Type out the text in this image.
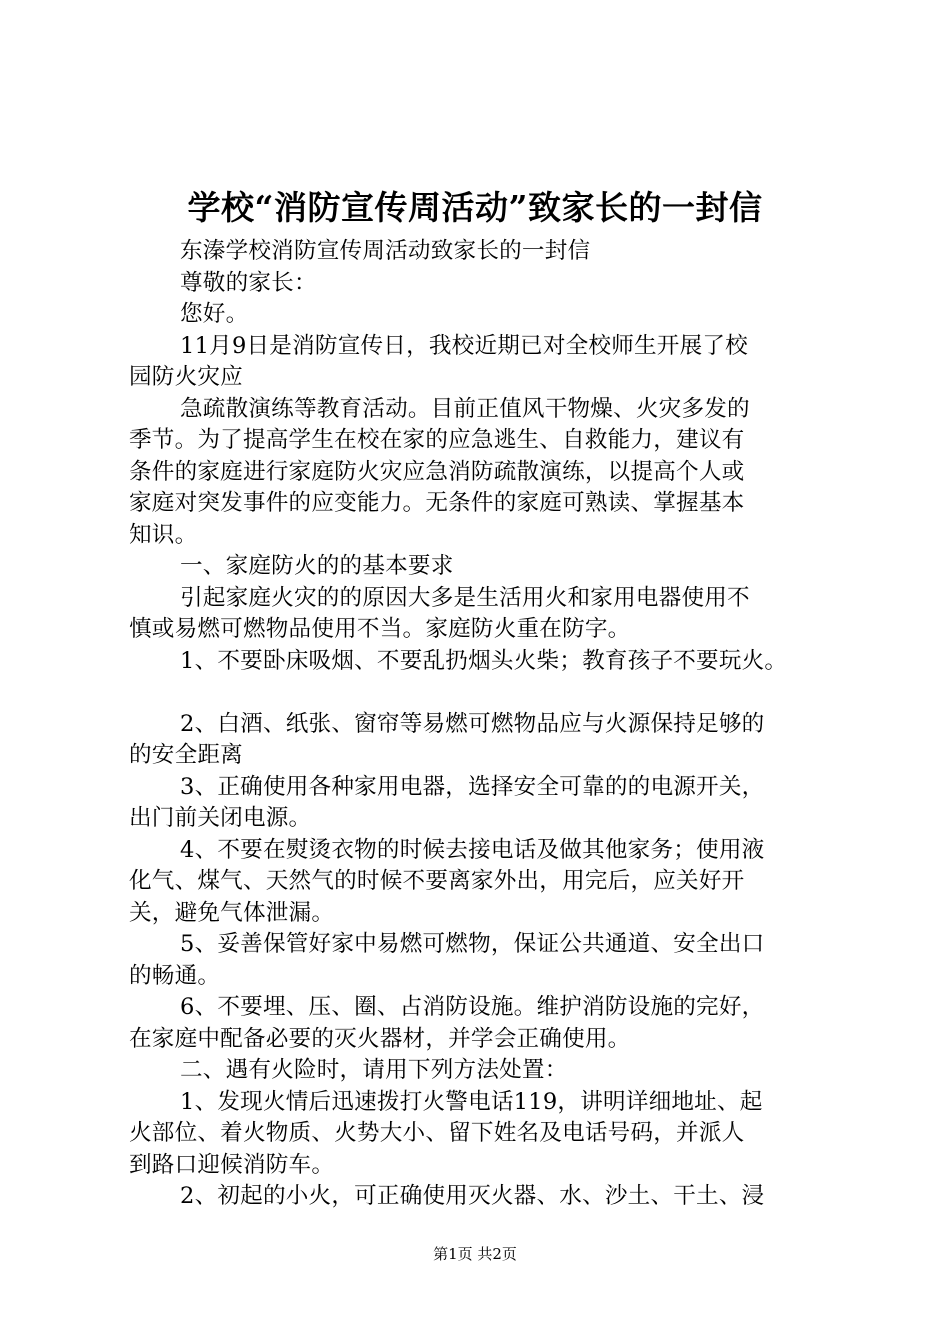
学校“消防宣传周活动”致家长的一封信
东溱学校消防宣传周活动致家长的一封信
尊敬的家长：
您好。
11月9日是消防宣传日，我校近期已对全校师生开展了校
园防火灾应
急疏散演练等教育活动。目前正值风干物燥、火灾多发的
季节。为了提高学生在校在家的应急逃生、自救能力，建议有
条件的家庭进行家庭防火灾应急消防疏散演练，以提高个人或
家庭对突发事件的应变能力。无条件的家庭可熟读、掌握基本
知识。
一、家庭防火的的基本要求
引起家庭火灾的的原因大多是生活用火和家用电器使用不
慎或易燃可燃物品使用不当。家庭防火重在防字。
1、不要卧床吸烟、不要乱扔烟头火柴；教育孩子不要玩火。
2、白酒、纸张、窗帘等易燃可燃物品应与火源保持足够的
的安全距离
3、正确使用各种家用电器，选择安全可靠的的电源开关，
出门前关闭电源。
4、不要在熨烫衣物的时候去接电话及做其他家务；使用液
化气、煤气、天然气的时候不要离家外出，用完后，应关好开
关，避免气体泄漏。
5、妥善保管好家中易燃可燃物，保证公共通道、安全出口
的畅通。
6、不要埋、压、圈、占消防设施。维护消防设施的完好，
在家庭中配备必要的灭火器材，并学会正确使用。
二、遇有火险时，请用下列方法处置：
1、发现火情后迅速拨打火警电话119，讲明详细地址、起
火部位、着火物质、火势大小、留下姓名及电话号码，并派人
到路口迎候消防车。
2、初起的小火，可正确使用灭火器、水、沙土、干土、浸
第1页 共2页
